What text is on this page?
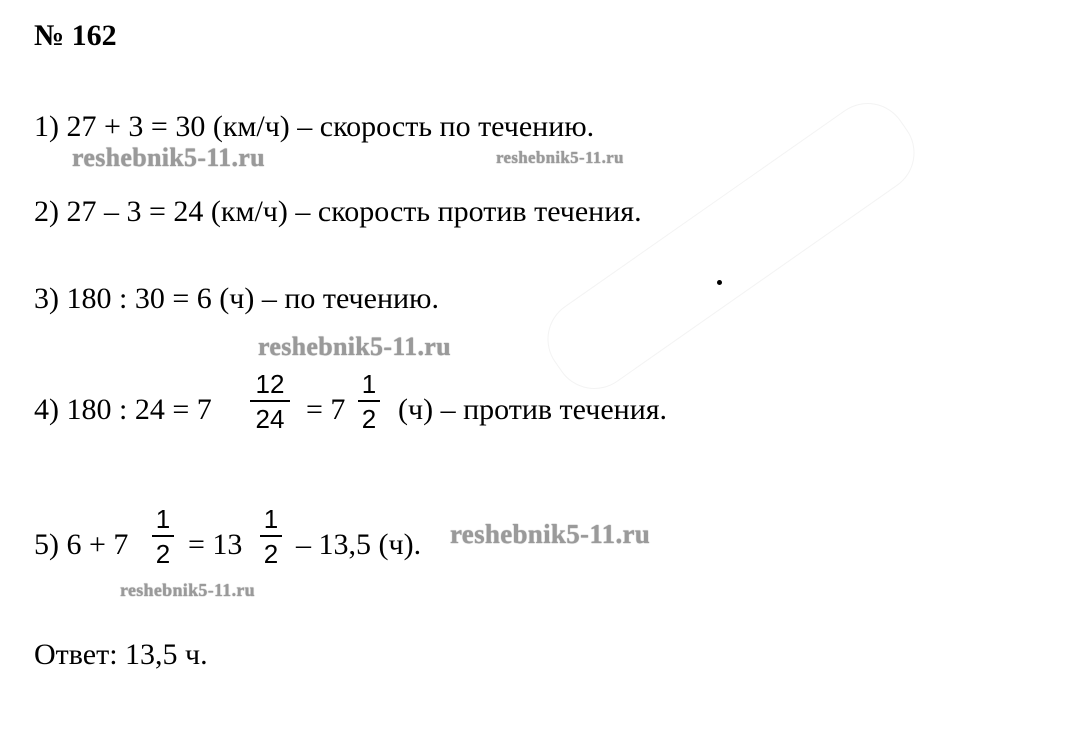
№ 162
1) 27 + 3 = 30 (км/ч) – скорость по течению.
reshebnik5-11.ru	reshebnik5-11.ru
2) 27 – 3 = 24 (км/ч) – скорость против течения.
3) 180 : 30 = 6 (ч) – по течению.
reshebnik5-11.ru
4) 180 : 24 = 7
12
24 = 7
1
2 (ч) – против течения.
5) 6 + 7
1
2 = 13
1
2 – 13,5 (ч). reshebnik5-11.ru
reshebnik5-11.ru
Ответ: 13,5 ч.
